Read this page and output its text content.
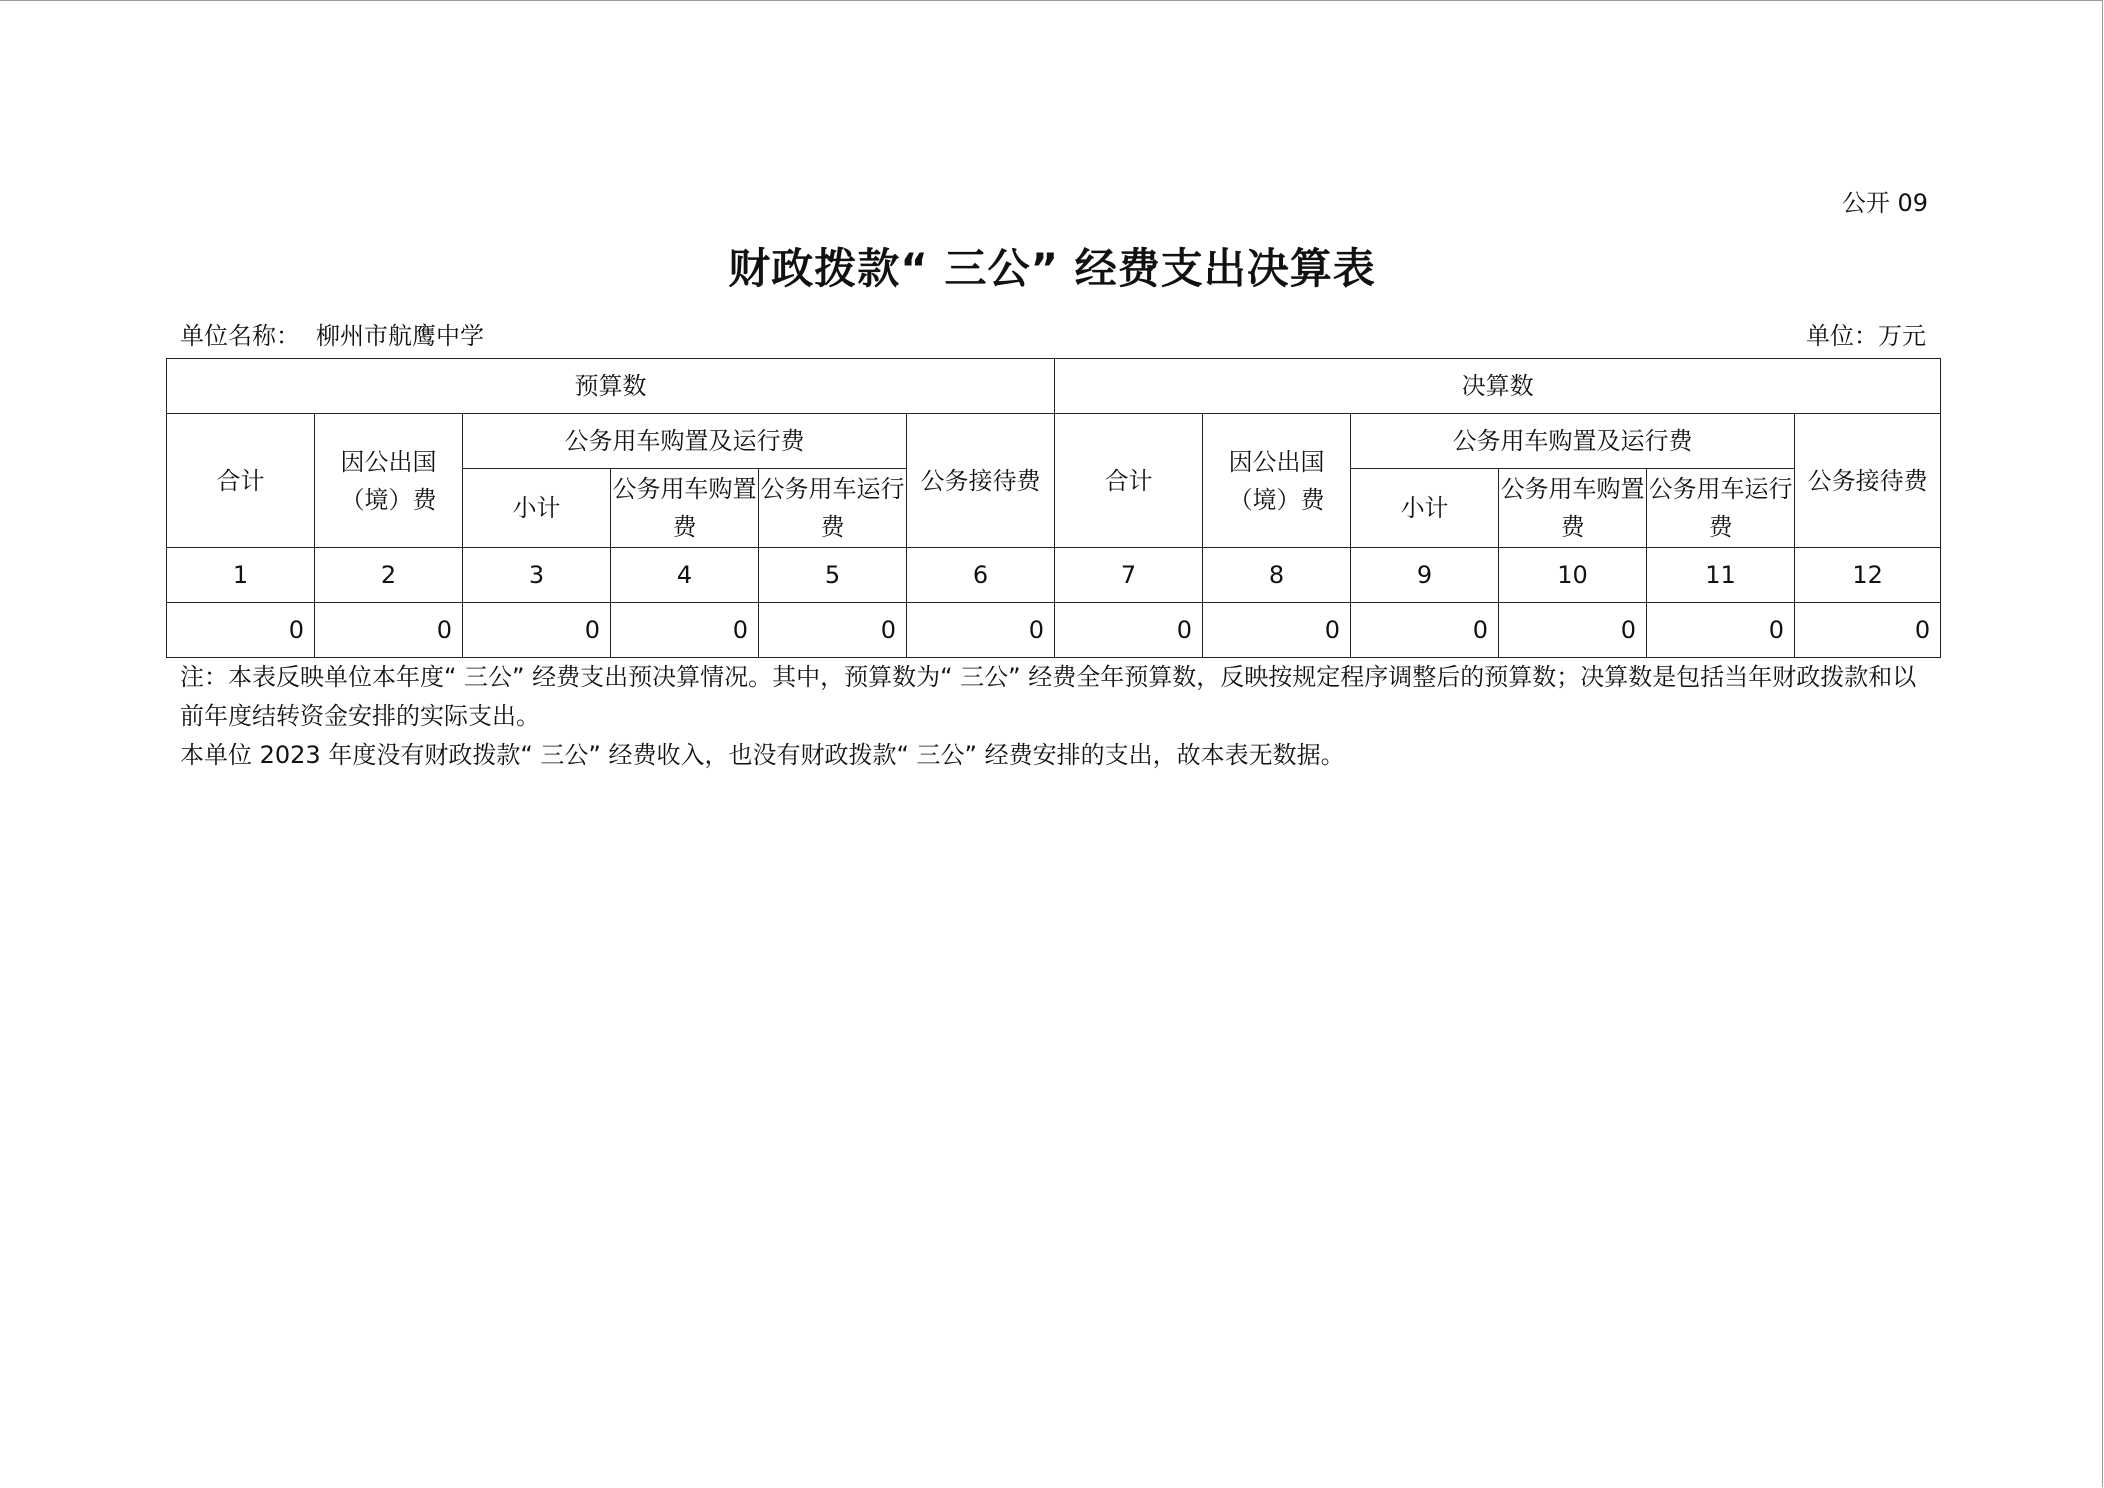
公开 09
财政拨款“ 三公” 经费支出决算表
单位名称： 柳州市航鹰中学	单位：万元
预算数						决算数					
合计	因公出国（境）费	公务用车购置及运行费			公务接待费	合计	因公出国（境）费	公务用车购置及运行费			公务接待费
		小计	公务用车购置费	公务用车运行费				小计	公务用车购置费	公务用车运行费	
1	2	3	4	5	6	7	8	9	10	11	12
0	0	0	0	0	0	0	0	0	0	0	0

注：本表反映单位本年度“ 三公” 经费支出预决算情况。其中，预算数为“ 三公” 经费全年预算数，反映按规定程序调整后的预算数；决算数是包括当年财政拨款和以前年度结转资金安排的实际支出。

本单位 2023 年度没有财政拨款“ 三公” 经费收入，也没有财政拨款“ 三公” 经费安排的支出，故本表无数据。
